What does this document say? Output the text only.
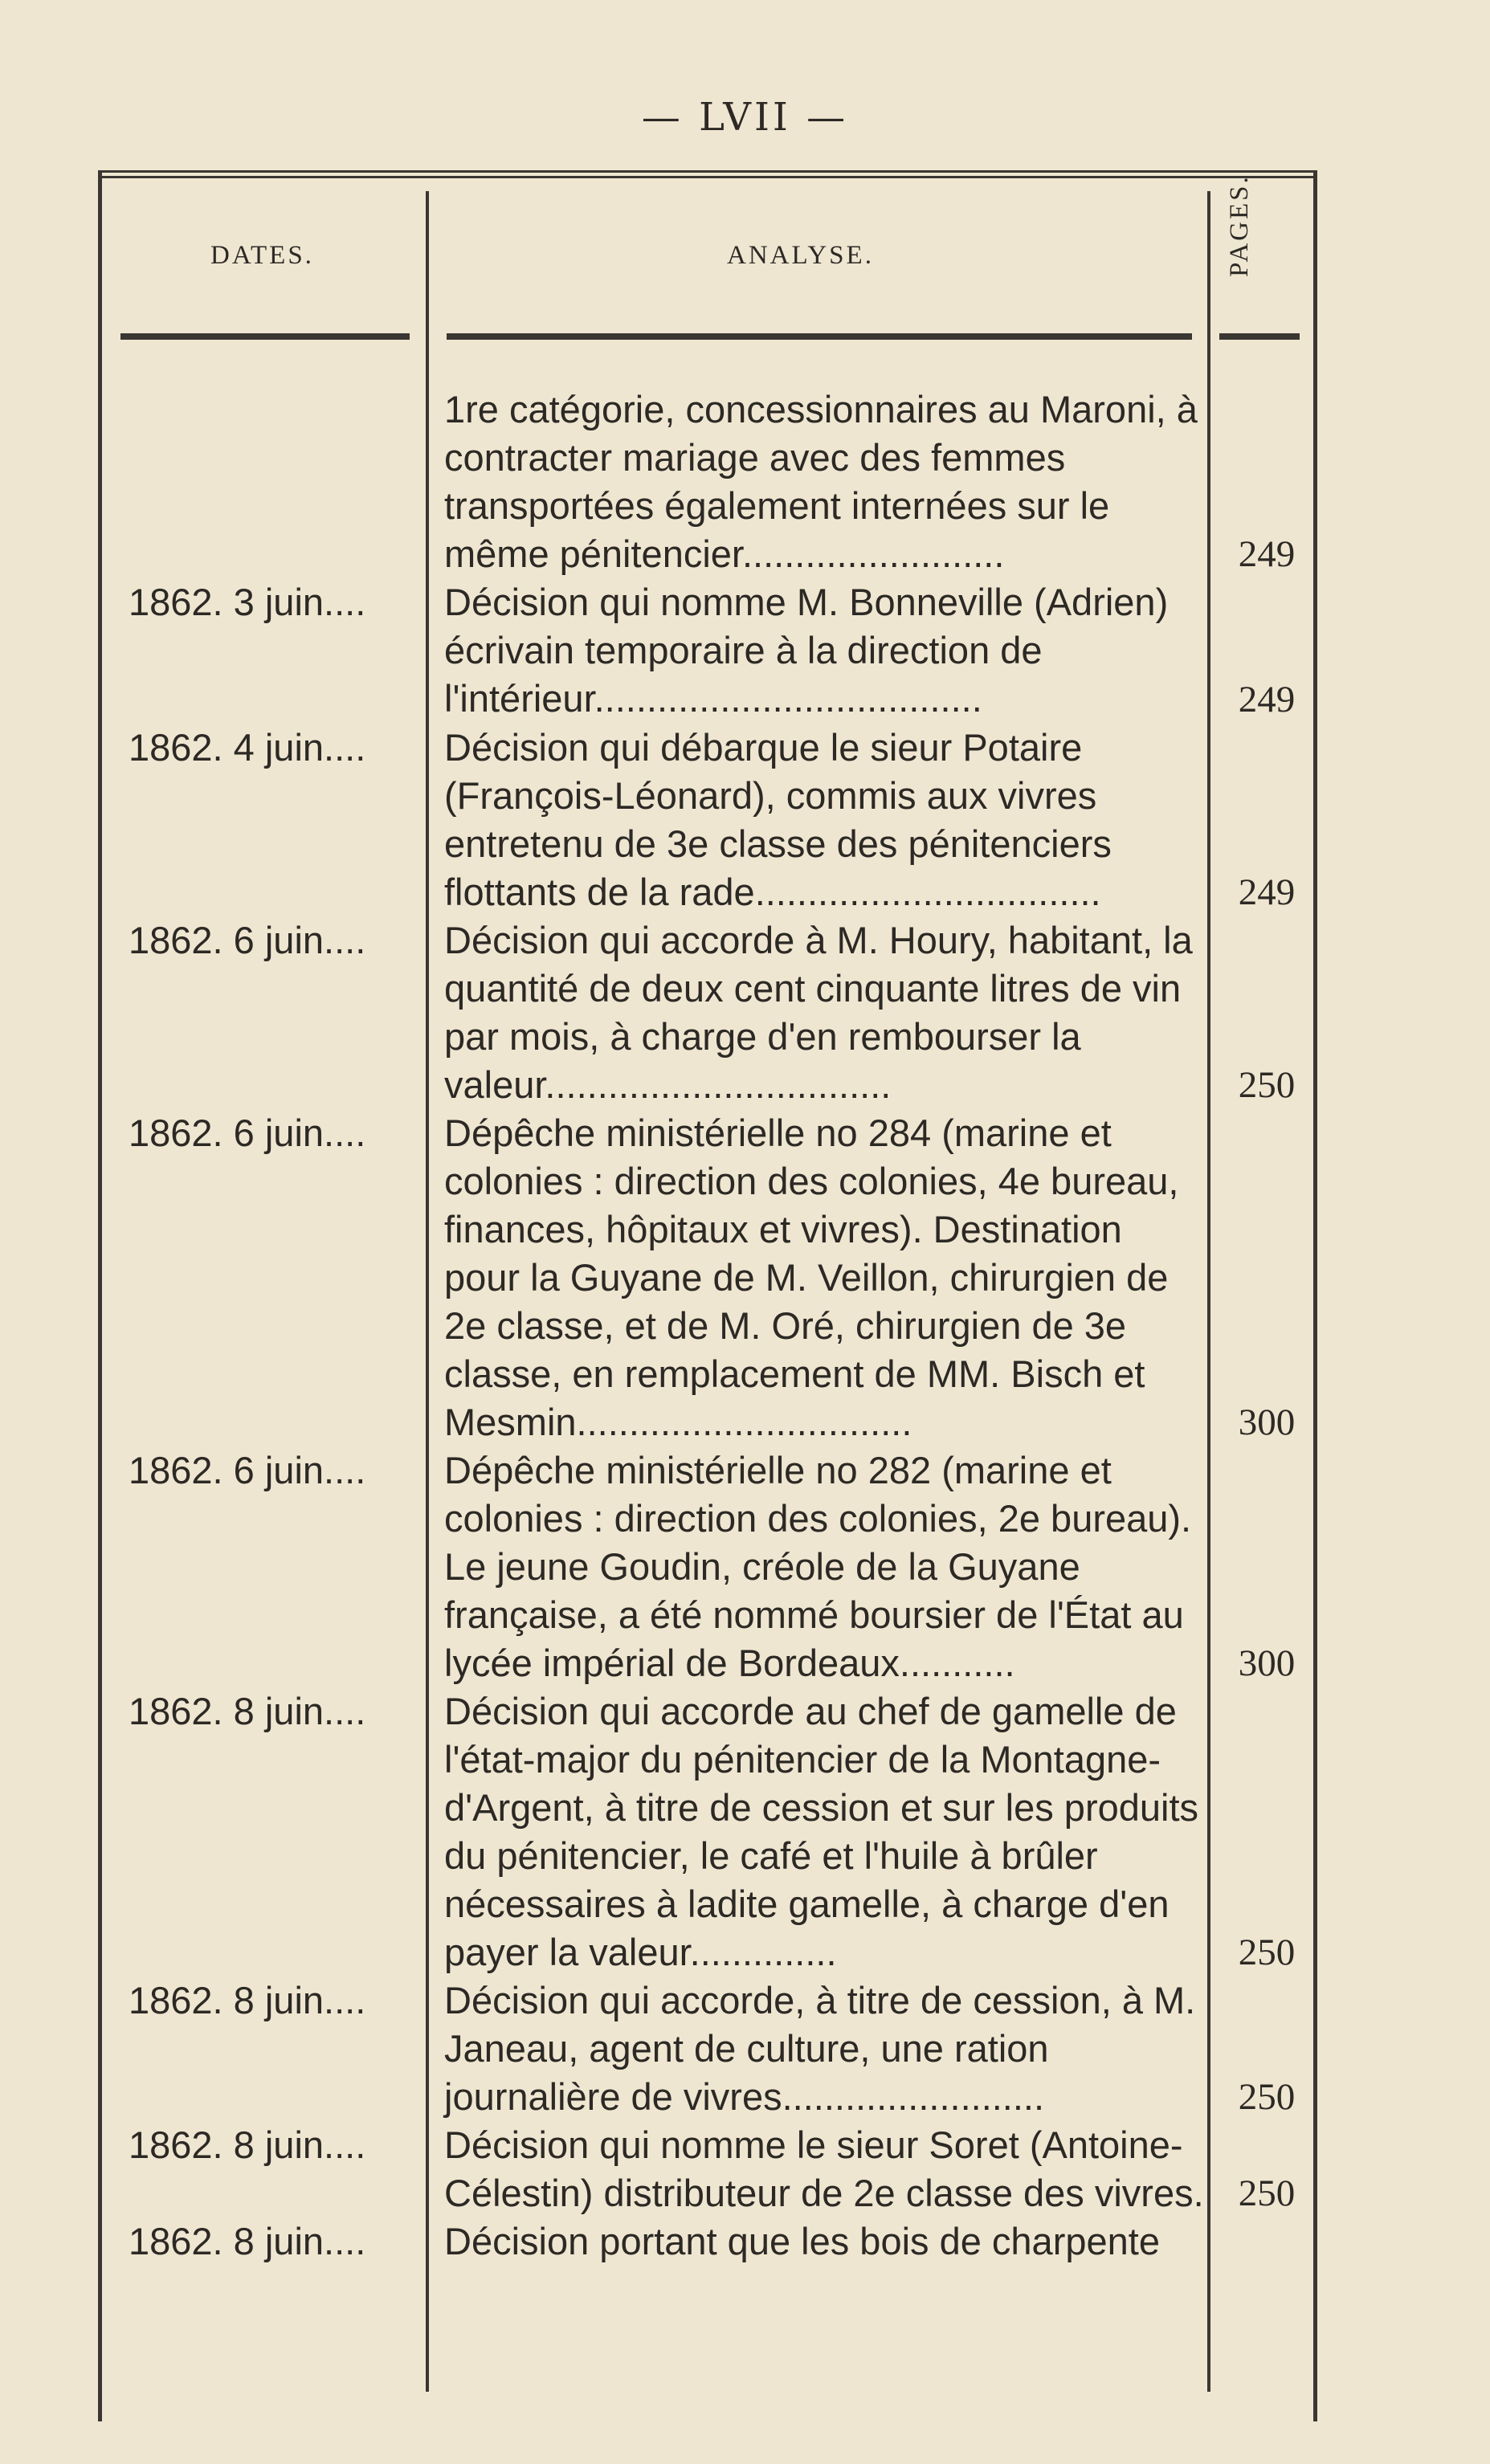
— LVII —
DATES.	ANALYSE.	PAGES.
1re catégorie, concessionnaires au Maroni, à contracter mariage avec des femmes transportées également internées sur le même pénitencier.........................	249
1862. 3 juin.... Décision qui nomme M. Bonneville (Adrien) écrivain temporaire à la direction de l'intérieur.....................................	249
1862. 4 juin.... Décision qui débarque le sieur Potaire (François-Léonard), commis aux vivres entretenu de 3e classe des pénitenciers flottants de la rade.................................	249
1862. 6 juin.... Décision qui accorde à M. Houry, habitant, la quantité de deux cent cinquante litres de vin par mois, à charge d'en rembourser la valeur.................................	250
1862. 6 juin.... Dépêche ministérielle no 284 (marine et colonies : direction des colonies, 4e bureau, finances, hôpitaux et vivres). Destination pour la Guyane de M. Veillon, chirurgien de 2e classe, et de M. Oré, chirurgien de 3e classe, en remplacement de MM. Bisch et Mesmin................................	300
1862. 6 juin.... Dépêche ministérielle no 282 (marine et colonies : direction des colonies, 2e bureau). Le jeune Goudin, créole de la Guyane française, a été nommé boursier de l'État au lycée impérial de Bordeaux...........	300
1862. 8 juin.... Décision qui accorde au chef de gamelle de l'état-major du pénitencier de la Montagne-d'Argent, à titre de cession et sur les produits du pénitencier, le café et l'huile à brûler nécessaires à ladite gamelle, à charge d'en payer la valeur..............	250
1862. 8 juin.... Décision qui accorde, à titre de cession, à M. Janeau, agent de culture, une ration journalière de vivres.........................	250
1862. 8 juin.... Décision qui nomme le sieur Soret (Antoine-Célestin) distributeur de 2e classe des vivres. 250
1862. 8 juin.... Décision portant que les bois de charpente
